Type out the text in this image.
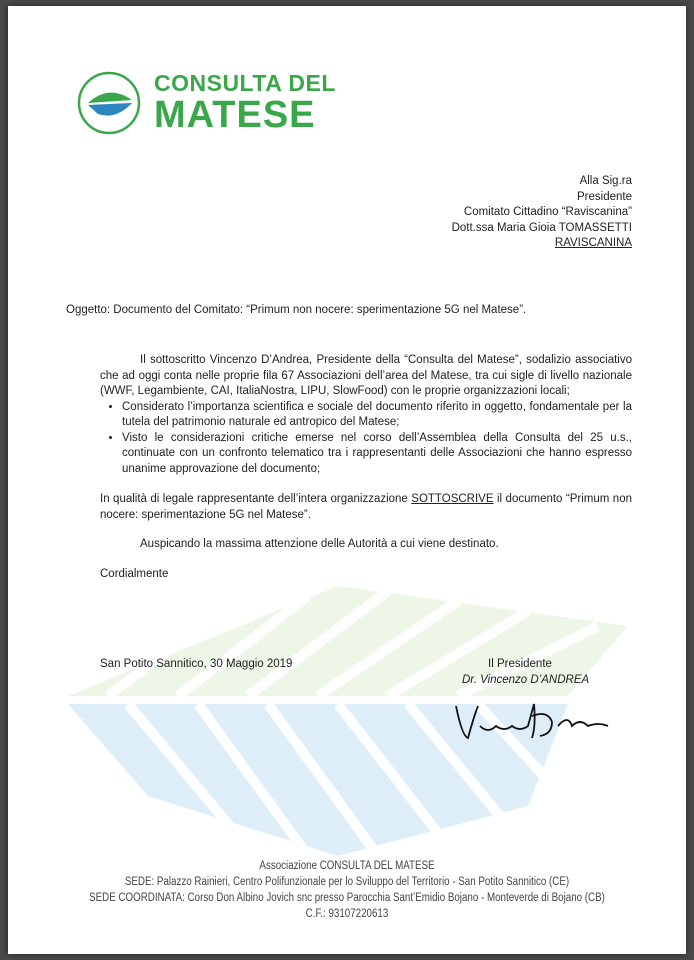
CONSULTA DEL
MATESE
Alla Sig.ra
Presidente
Comitato Cittadino “Raviscanina”
Dott.ssa Maria Gioia TOMASSETTI
RAVISCANINA
Oggetto: Documento del Comitato: “Primum non nocere: sperimentazione 5G nel Matese”.

Il sottoscritto Vincenzo D’Andrea, Presidente della “Consulta del Matese”, sodalizio associativo che ad oggi conta nelle proprie fila 67 Associazioni dell’area del Matese, tra cui sigle di livello nazionale (WWF, Legambiente, CAI, ItaliaNostra, LIPU, SlowFood) con le proprie organizzazioni locali;

• Considerato l’importanza scientifica e sociale del documento riferito in oggetto, fondamentale per la tutela del patrimonio naturale ed antropico del Matese;
• Visto le considerazioni critiche emerse nel corso dell’Assemblea della Consulta del 25 u.s., continuate con un confronto telematico tra i rappresentanti delle Associazioni che hanno espresso unanime approvazione del documento;

In qualità di legale rappresentante dell’intera organizzazione SOTTOSCRIVE il documento “Primum non nocere: sperimentazione 5G nel Matese”.

Auspicando la massima attenzione delle Autorità a cui viene destinato.

Cordialmente

San Potito Sannitico, 30 Maggio 2019	Il Presidente
Dr. Vincenzo D’ANDREA
Associazione CONSULTA DEL MATESE
SEDE: Palazzo Rainieri, Centro Polifunzionale per lo Sviluppo del Territorio - San Potito Sannitico (CE)
SEDE COORDINATA: Corso Don Albino Jovich snc presso Parocchia Sant’Emidio Bojano - Monteverde di Bojano (CB)
C.F.: 93107220613
